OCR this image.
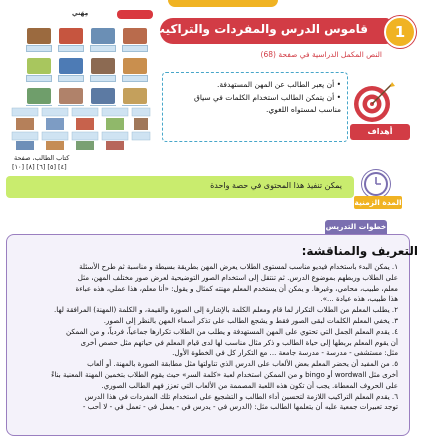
مِهَني
كتاب الطالب، صفحة
[٤] [٥] [٦] [٨] [١٠]
قاموس الدرس والمفردات والتراكيب	1
النص المكمل الدراسية في صفحة (68)
• أن يعبر الطالب عن المهن المستهدفة.
• أن يتمكن الطالب استخدام الكلمات في سياق مناسب لمستواه اللغوي.
أهداف المحتوى
يمكن تنفيذ هذا المحتوى في حصة واحدة
المدة الزمنية
خطوات التدريس
التعريف والمناقشة:

١. يمكن البدء باستخدام فيديو مناسب لمستوى الطلاب يعرض المهن بطريقة بسيطة و مناسبة ثم طرح الأسئلة

على الطلاب وربطهم بموضوع الدرس. ثم تنتقل إلى استخدام الصور التوضيحية لعرض صور مختلف المهن، مثل

معلم، طبيب، محامي، وغيرها. و يمكن أن يستخدم المعلم مهنته كمثال و يقول: «أنا معلم، هذا عملي، هذه عباءة

هذا طبيب، هذه عيادة ...».

٢. يطلب المعلم من الطلاب التكرار لما قام ومعلم الكلمة بالإشارة إلى الصورة والقيمة، و الكلمة (المهنة) المرافقة لها.

٣. يخفي المعلم الكلمات لبقى الصور فقط و يشجع الطالب على تذكر أسماء المهن بالنظر إلى الصور.

٤. يقدم المعلم الجمل التي تحتوي على المهن المستهدفة و يطلب من الطلاب تكرارها جماعياً، فردياً، و من الممكن

أن يقوم المعلم بربطها إلى حياة الطالب و ذكر مثال مناسب لها لدى قيام المعلم في حياتهم مثل حصص أخرى

مثل: مستشفى - مدرسة - مدرسة جامعة ... مع التكرار كل في الخطوة الأول.

٥. من المفيد أن يحضر المعلم بعض الألعاب على الدرس الذي تناولتها مثل مطابقة الصورة بالمهنة. أو ألعاب

أخرى مثل wordwall أو bingo و من الممكن استخدام لعبة «كلمة السر» حيث يقوم الطلاب بتخمين المهنة المعنية بناءً

على الحروف المعطاة. يجب أن تكون هذه اللعبة المصممة من الألعاب التي تعزز فهم الطالب الصوري.

٦. يقدم المعلم التراكيب اللازمة لتحسين أداء الطالب و التشجيع على استخدام تلك المفردات في هذا الدرس

توجد تعبيرات جمعية عليه أن يتعلمها الطالب مثل: (الدرس في - يدرس في - يعمل في - تعمل في - لا أحب -
